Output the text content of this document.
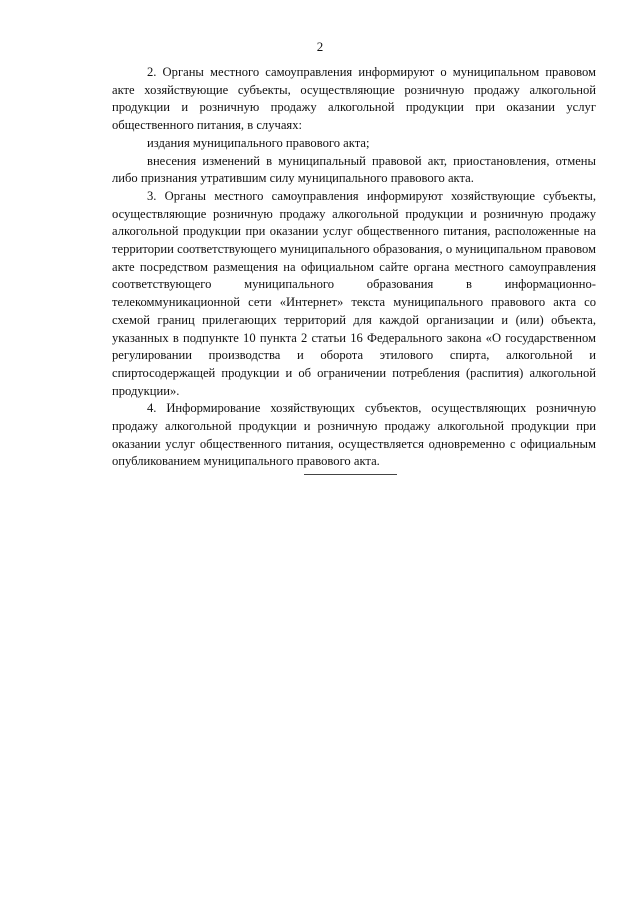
2

2. Органы местного самоуправления информируют о муниципальном правовом акте хозяйствующие субъекты, осуществляющие розничную продажу алкогольной продукции и розничную продажу алкогольной продукции при оказании услуг общественного питания, в случаях:

издания муниципального правового акта;

внесения изменений в муниципальный правовой акт, приостановления, отмены либо признания утратившим силу муниципального правового акта.

3. Органы местного самоуправления информируют хозяйствующие субъекты, осуществляющие розничную продажу алкогольной продукции и розничную продажу алкогольной продукции при оказании услуг общественного питания, расположенные на территории соответствующего муниципального образования, о муниципальном правовом акте посредством размещения на официальном сайте органа местного самоуправления соответствующего муниципального образования в информационно-телекоммуникационной сети «Интернет» текста муниципального правового акта со схемой границ прилегающих территорий для каждой организации и (или) объекта, указанных в подпункте 10 пункта 2 статьи 16 Федерального закона «О государственном регулировании производства и оборота этилового спирта, алкогольной и спиртосодержащей продукции и об ограничении потребления (распития) алкогольной продукции».

4. Информирование хозяйствующих субъектов, осуществляющих розничную продажу алкогольной продукции и розничную продажу алкогольной продукции при оказании услуг общественного питания, осуществляется одновременно с официальным опубликованием муниципального правового акта.
